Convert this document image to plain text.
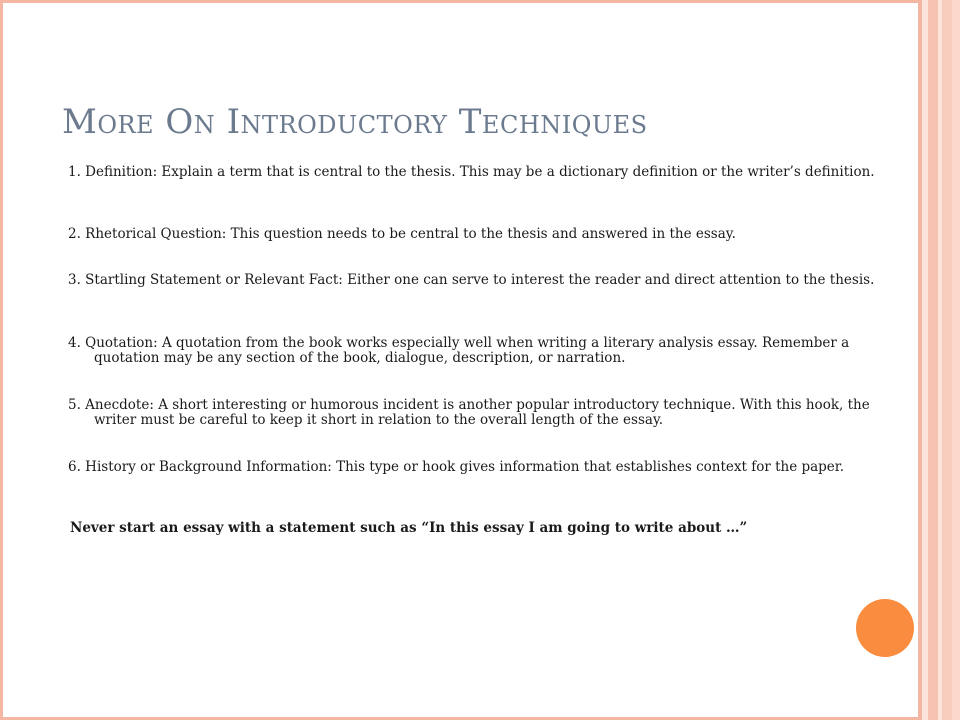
More On Introductory Techniques
1. Definition: Explain a term that is central to the thesis. This may be a dictionary definition or the writer’s definition.
2. Rhetorical Question: This question needs to be central to the thesis and answered in the essay.
3. Startling Statement or Relevant Fact: Either one can serve to interest the reader and direct attention to the thesis.
4. Quotation: A quotation from the book works especially well when writing a literary analysis essay. Remember a quotation may be any section of the book, dialogue, description, or narration.
5. Anecdote: A short interesting or humorous incident is another popular introductory technique. With this hook, the writer must be careful to keep it short in relation to the overall length of the essay.
6. History or Background Information: This type or hook gives information that establishes context for the paper.

Never start an essay with a statement such as “In this essay I am going to write about …”
